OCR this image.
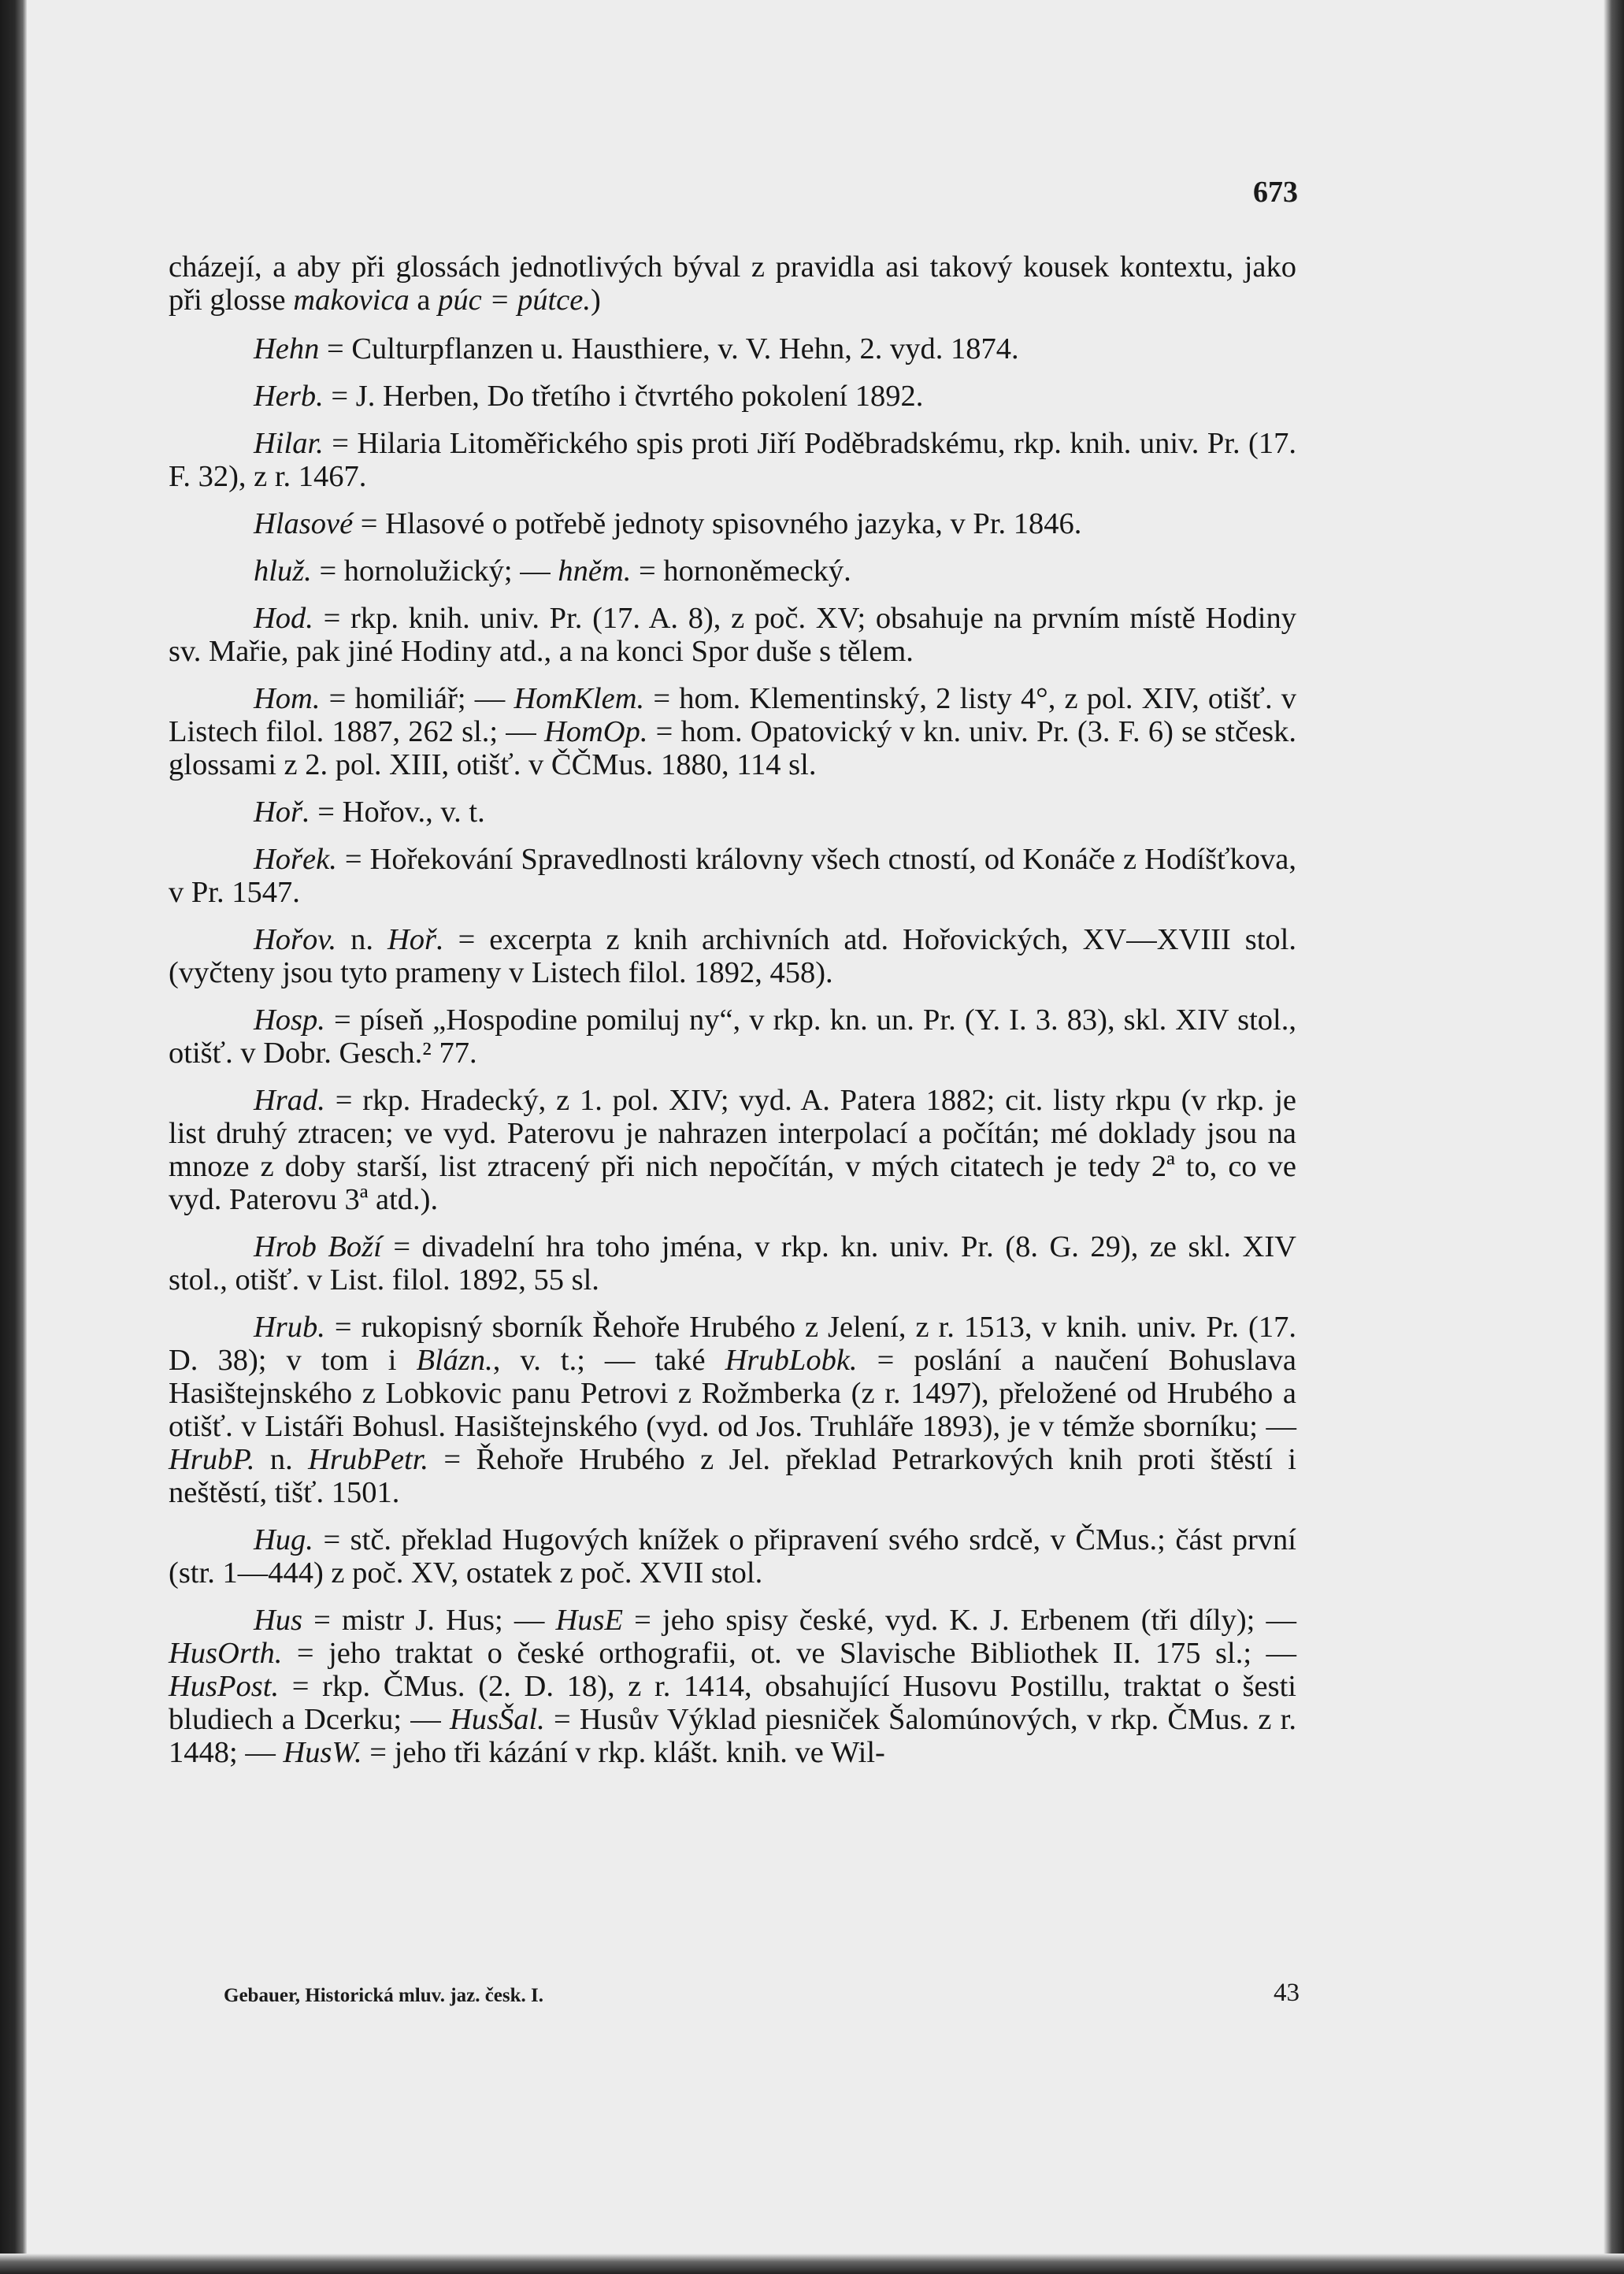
673

cházejí, a aby při glossách jednotlivých býval z pravidla asi takový kousek kontextu, jako při glosse makovica a púc = pútce.)

Hehn = Culturpflanzen u. Hausthiere, v. V. Hehn, 2. vyd. 1874.

Herb. = J. Herben, Do třetího i čtvrtého pokolení 1892.

Hilar. = Hilaria Litoměřického spis proti Jiří Poděbradskému, rkp. knih. univ. Pr. (17. F. 32), z r. 1467.

Hlasové = Hlasové o potřebě jednoty spisovného jazyka, v Pr. 1846.

hluž. = hornolužický; — hněm. = hornoněmecký.

Hod. = rkp. knih. univ. Pr. (17. A. 8), z poč. XV; obsahuje na prvním místě Hodiny sv. Mařie, pak jiné Hodiny atd., a na konci Spor duše s tělem.

Hom. = homiliář; — HomKlem. = hom. Klementinský, 2 listy 4°, z pol. XIV, otišť. v Listech filol. 1887, 262 sl.; — HomOp. = hom. Opatovický v kn. univ. Pr. (3. F. 6) se stčesk. glossami z 2. pol. XIII, otišť. v ČČMus. 1880, 114 sl.

Hoř. = Hořov., v. t.

Hořek. = Hořekování Spravedlnosti královny všech ctností, od Konáče z Hodíšťkova, v Pr. 1547.

Hořov. n. Hoř. = excerpta z knih archivních atd. Hořovických, XV—XVIII stol. (vyčteny jsou tyto prameny v Listech filol. 1892, 458).

Hosp. = píseň „Hospodine pomiluj ny“, v rkp. kn. un. Pr. (Y. I. 3. 83), skl. XIV stol., otišť. v Dobr. Gesch.² 77.

Hrad. = rkp. Hradecký, z 1. pol. XIV; vyd. A. Patera 1882; cit. listy rkpu (v rkp. je list druhý ztracen; ve vyd. Paterovu je nahrazen interpolací a počítán; mé doklady jsou na mnoze z doby starší, list ztracený při nich nepočítán, v mých citatech je tedy 2ª to, co ve vyd. Paterovu 3ª atd.).

Hrob Boží = divadelní hra toho jména, v rkp. kn. univ. Pr. (8. G. 29), ze skl. XIV stol., otišť. v List. filol. 1892, 55 sl.

Hrub. = rukopisný sborník Řehoře Hrubého z Jelení, z r. 1513, v knih. univ. Pr. (17. D. 38); v tom i Blázn., v. t.; — také HrubLobk. = poslání a naučení Bohuslava Hasištejnského z Lobkovic panu Petrovi z Rožmberka (z r. 1497), přeložené od Hrubého a otišť. v Listáři Bohusl. Hasištejnského (vyd. od Jos. Truhláře 1893), je v témže sborníku; — HrubP. n. HrubPetr. = Řehoře Hrubého z Jel. překlad Petrarkových knih proti štěstí i neštěstí, tišť. 1501.

Hug. = stč. překlad Hugových knížek o připravení svého srdcě, v ČMus.; část první (str. 1—444) z poč. XV, ostatek z poč. XVII stol.

Hus = mistr J. Hus; — HusE = jeho spisy české, vyd. K. J. Erbenem (tři díly); — HusOrth. = jeho traktat o české orthografii, ot. ve Slavische Bibliothek II. 175 sl.; — HusPost. = rkp. ČMus. (2. D. 18), z r. 1414, obsahující Husovu Postillu, traktat o šesti bludiech a Dcerku; — HusŠal. = Husův Výklad piesniček Šalomúnových, v rkp. ČMus. z r. 1448; — HusW. = jeho tři kázání v rkp. klášt. knih. ve Wil-

Gebauer, Historická mluv. jaz. česk. I.	43
